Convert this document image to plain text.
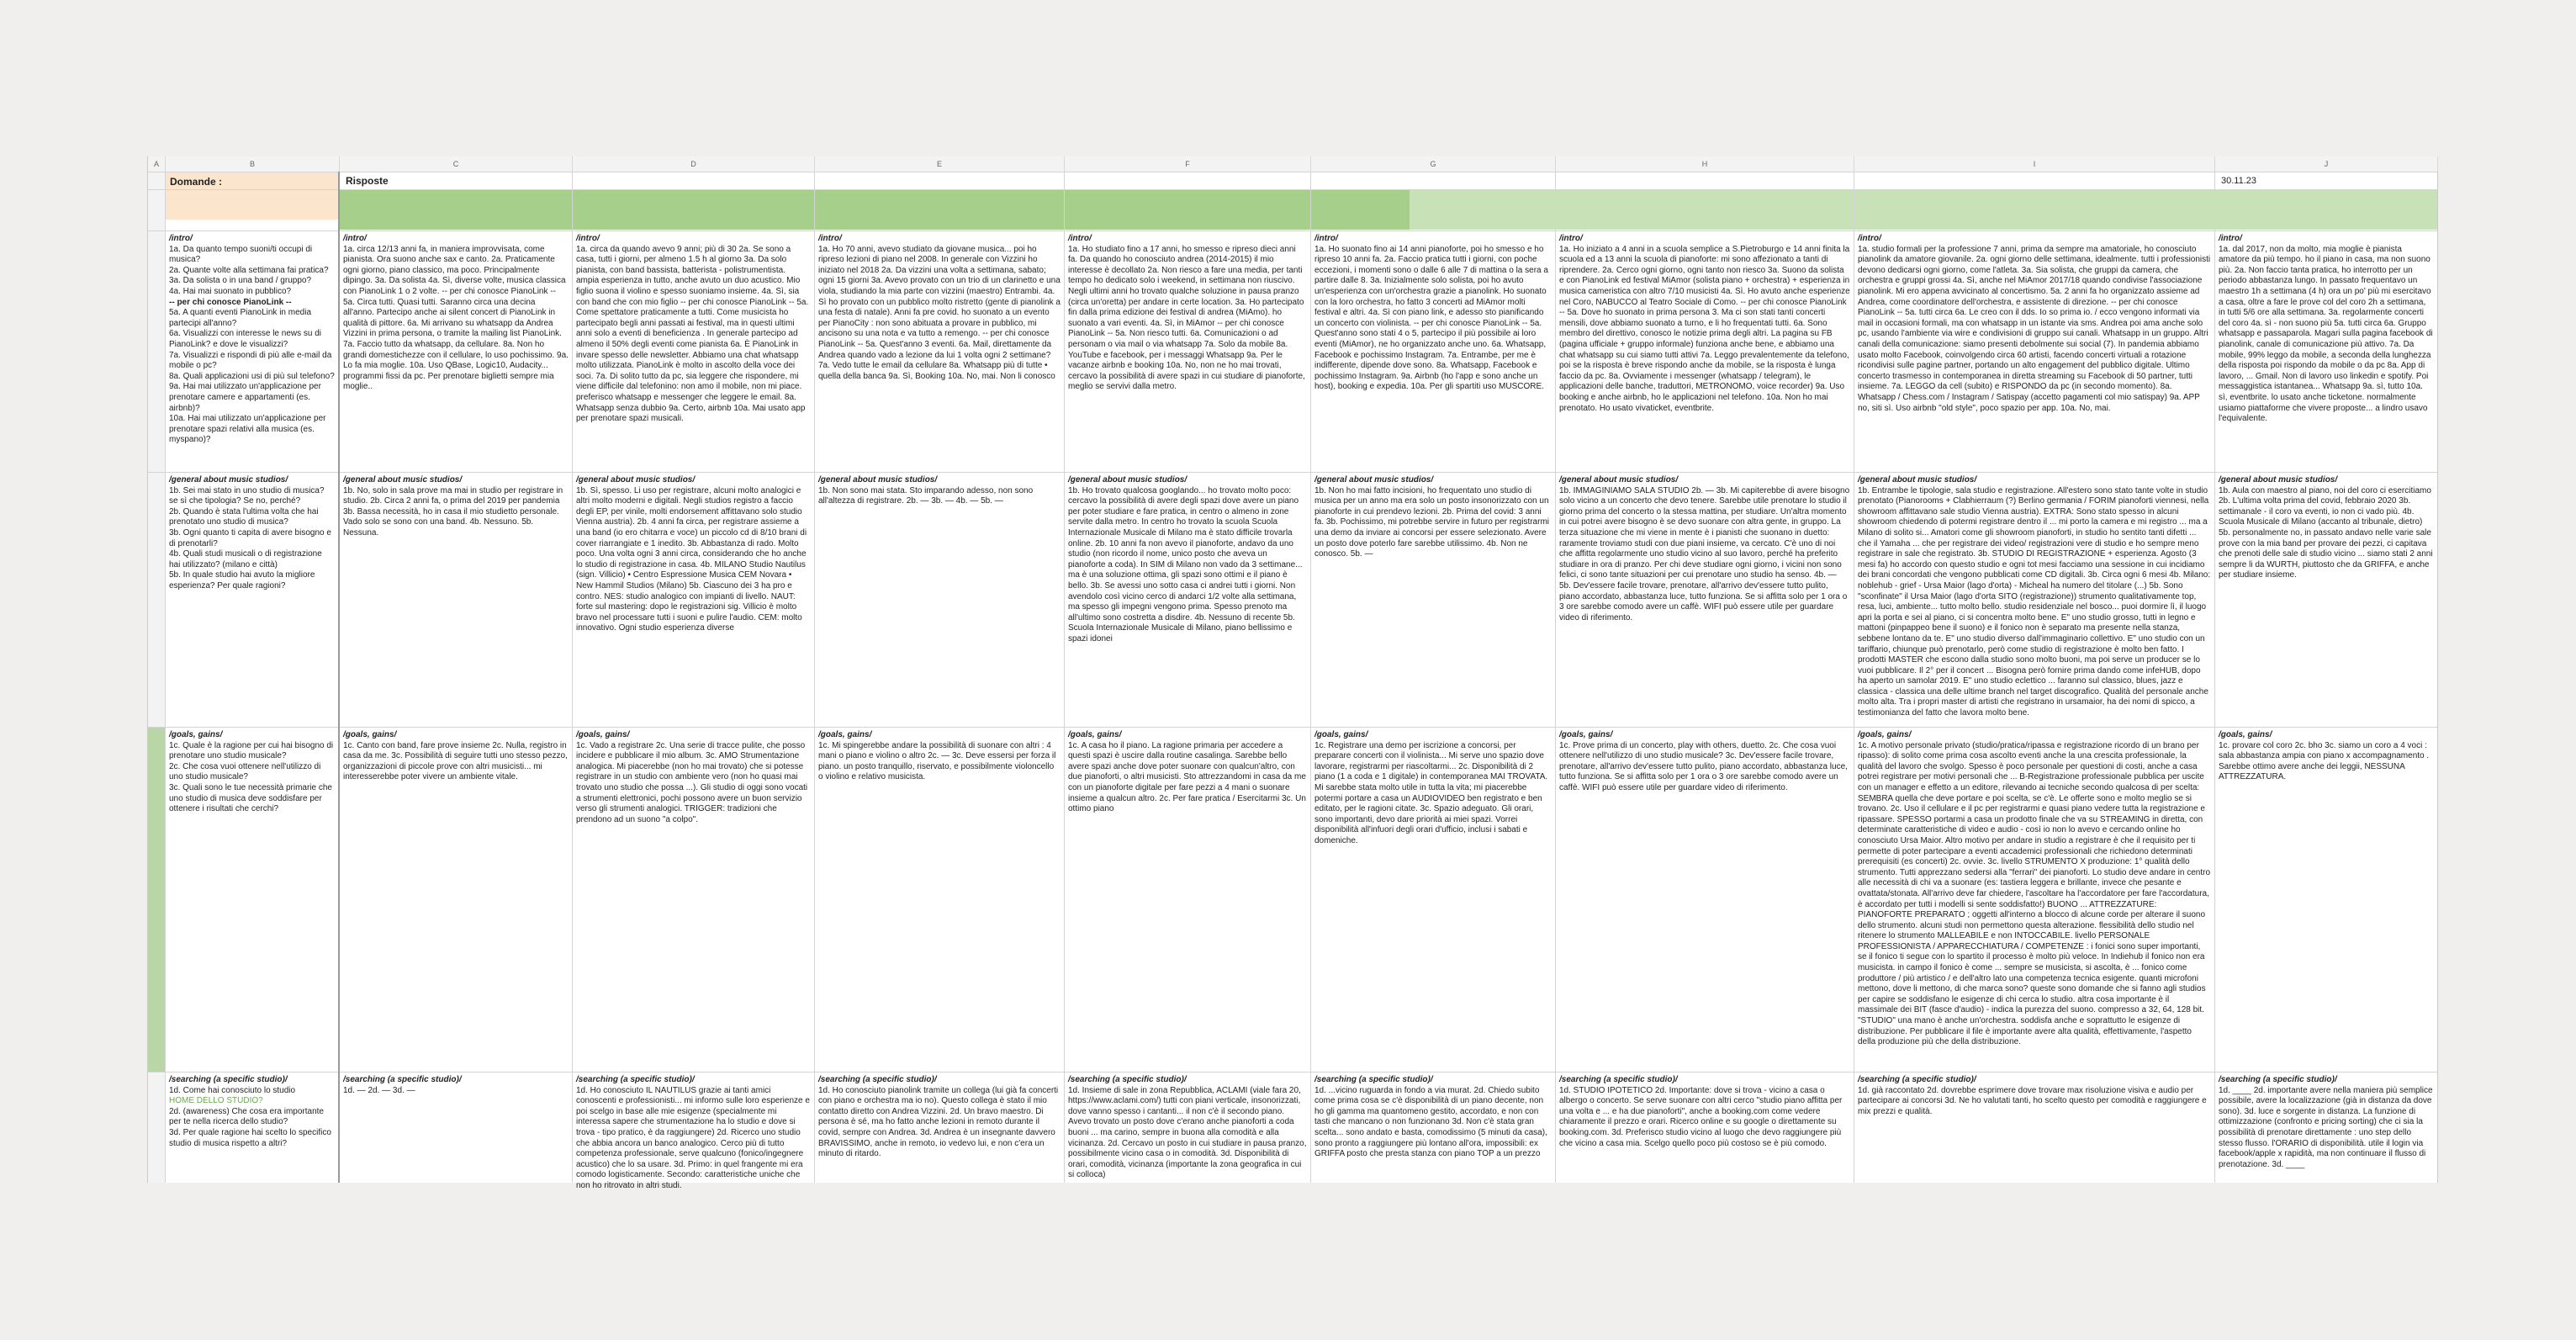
A	B	C	D	E	F	G	H	I	J
Domande :	Risposte	30.11.23
/intro/
1a. Da quanto tempo suoni/ti occupi di musica?
2a. Quante volte alla settimana fai pratica?
3a. Da solista o in una band / gruppo?
4a. Hai mai suonato in pubblico?
-- per chi conosce PianoLink --
5a. A quanti eventi PianoLink in media partecipi all'anno?
6a. Visualizzi con interesse le news su di PianoLink? e dove le visualizzi?
7a. Visualizzi e rispondi di più alle e-mail da mobile o pc?
8a. Quali applicazioni usi di più sul telefono?
9a. Hai mai utilizzato un'applicazione per prenotare camere e appartamenti (es. airbnb)?
10a. Hai mai utilizzato un'applicazione per prenotare spazi relativi alla musica (es. myspano)?
/general about music studios/
1b. Sei mai stato in uno studio di musica? se sì che tipologia? Se no, perché?
2b. Quando è stata l'ultima volta che hai prenotato uno studio di musica?
3b. Ogni quanto ti capita di avere bisogno e di prenotarli?
4b. Quali studi musicali o di registrazione hai utilizzato? (milano e città)
5b. In quale studio hai avuto la migliore esperienza? Per quale ragioni?
/goals, gains/
1c. Quale è la ragione per cui hai bisogno di prenotare uno studio musicale?
2c. Che cosa vuoi ottenere nell'utilizzo di uno studio musicale?
3c. Quali sono le tue necessità primarie che uno studio di musica deve soddisfare per ottenere i risultati che cerchi?
/searching (a specific studio)/
1d. Come hai conosciuto lo studio
HOME DELLO STUDIO?
2d. (awareness) Che cosa era importante per te nella ricerca dello studio?
3d. Per quale ragione hai scelto lo specifico studio di musica rispetto a altri?
/intro/
1a. circa 12/13 anni fa, in maniera improvvisata, come pianista. Ora suono anche sax e canto. 2a. Praticamente ogni giorno, piano classico, ma poco. Principalmente dipingo. 3a. Da solista 4a. Sì, diverse volte, musica classica con PianoLink 1 o 2 volte. -- per chi conosce PianoLink -- 5a. Circa tutti. Quasi tutti. Saranno circa una decina all'anno. Partecipo anche ai silent concert di PianoLink in qualità di pittore. 6a. Mi arrivano su whatsapp da Andrea Vizzini in prima persona, o tramite la mailing list PianoLink. 7a. Faccio tutto da whatsapp, da cellulare. 8a. Non ho grandi domestichezze con il cellulare, lo uso pochissimo. 9a. Lo fa mia moglie. 10a. Uso QBase, Logic10, Audacity... programmi fissi da pc. Per prenotare biglietti sempre mia moglie..
/general about music studios/
1b. No, solo in sala prove ma mai in studio per registrare in studio. 2b. Circa 2 anni fa, o prima del 2019 per pandemia 3b. Bassa necessità, ho in casa il mio studietto personale. Vado solo se sono con una band. 4b. Nessuno. 5b. Nessuna.
/goals, gains/
1c. Canto con band, fare prove insieme 2c. Nulla, registro in casa da me. 3c. Possibilità di seguire tutti uno stesso pezzo, organizzazioni di piccole prove con altri musicisti... mi interesserebbe poter vivere un ambiente vitale.
/searching (a specific studio)/
1d. — 2d. — 3d. —
/intro/
1a. circa da quando avevo 9 anni; più di 30 2a. Se sono a casa, tutti i giorni, per almeno 1.5 h al giorno 3a. Da solo pianista, con band bassista, batterista - polistrumentista. ampia esperienza in tutto, anche avuto un duo acustico. Mio figlio suona il violino e spesso suoniamo insieme. 4a. Sì, sia con band che con mio figlio -- per chi conosce PianoLink -- 5a. Come spettatore praticamente a tutti. Come musicista ho partecipato begli anni passati ai festival, ma in questi ultimi anni solo a eventi di beneficienza . In generale partecipo ad almeno il 50% degli eventi come pianista 6a. È PianoLink in invare spesso delle newsletter. Abbiamo una chat whatsapp molto utilizzata. PianoLink è molto in ascolto della voce dei soci. 7a. Di solito tutto da pc, sia leggere che rispondere, mi viene difficile dal telefonino: non amo il mobile, non mi piace. preferisco whatsapp e messenger che leggere le email. 8a. Whatsapp senza dubbio 9a. Certo, airbnb 10a. Mai usato app per prenotare spazi musicali.
/general about music studios/
1b. Sì, spesso. Li uso per registrare, alcuni molto analogici e altri molto moderni e digitali. Negli studios registro a faccio degli EP, per vinile, molti endorsement affittavano solo studio Vienna austria). 2b. 4 anni fa circa, per registrare assieme a una band (io ero chitarra e voce) un piccolo cd di 8/10 brani di cover riarrangiate e 1 inedito. 3b. Abbastanza di rado. Molto poco. Una volta ogni 3 anni circa, considerando che ho anche lo studio di registrazione in casa. 4b. MILANO Studio Nautilus (sign. Villicio) • Centro Espressione Musica CEM Novara • New Hammil Studios (Milano) 5b. Ciascuno dei 3 ha pro e contro. NES: studio analogico con impianti di livello. NAUT: forte sul mastering: dopo le registrazioni sig. Villicio è molto bravo nel processare tutti i suoni e pulire l'audio. CEM: molto innovativo. Ogni studio esperienza diverse
/goals, gains/
1c. Vado a registrare 2c. Una serie di tracce pulite, che posso incidere e pubblicare il mio album. 3c. AMO Strumentazione analogica. Mi piacerebbe (non ho mai trovato) che si potesse registrare in un studio con ambiente vero (non ho quasi mai trovato uno studio che possa ...). Gli studio di oggi sono vocati a strumenti elettronici, pochi possono avere un buon servizio verso gli strumenti analogici. TRIGGER: tradizioni che prendono ad un suono "a colpo".
/searching (a specific studio)/
1d. Ho conosciuto IL NAUTILUS grazie ai tanti amici conoscenti e professionisti... mi informo sulle loro esperienze e poi scelgo in base alle mie esigenze (specialmente mi interessa sapere che strumentazione ha lo studio e dove si trova - tipo pratico, è da raggiungere) 2d. Ricerco uno studio che abbia ancora un banco analogico. Cerco più di tutto competenza professionale, serve qualcuno (fonico/ingegnere acustico) che lo sa usare. 3d. Primo: in quel frangente mi era comodo logisticamente. Secondo: caratteristiche uniche che non ho ritrovato in altri studi.
/intro/
1a. Ho 70 anni, avevo studiato da giovane musica... poi ho ripreso lezioni di piano nel 2008. In generale con Vizzini ho iniziato nel 2018 2a. Da vizzini una volta a settimana, sabato; ogni 15 giorni 3a. Avevo provato con un trio di un clarinetto e una viola, studiando la mia parte con vizzini (maestro) Entrambi. 4a. Sì ho provato con un pubblico molto ristretto (gente di pianolink a una festa di natale). Anni fa pre covid. ho suonato a un evento per PianoCity : non sono abituata a provare in pubblico, mi ancisono su una nota e va tutto a remengo. -- per chi conosce PianoLink -- 5a. Quest'anno 3 eventi. 6a. Mail, direttamente da Andrea quando vado a lezione da lui 1 volta ogni 2 settimane? 7a. Vedo tutte le email da cellulare 8a. Whatsapp più di tutte • quella della banca 9a. Sì, Booking 10a. No, mai. Non li conosco
/general about music studios/
1b. Non sono mai stata. Sto imparando adesso, non sono all'altezza di registrare. 2b. — 3b. — 4b. — 5b. —
/goals, gains/
1c. Mi spingerebbe andare la possibilità di suonare con altri : 4 mani o piano e violino o altro 2c. — 3c. Deve essersi per forza il piano. un posto tranquillo, riservato, e possibilmente violoncello o violino e relativo musicista.
/searching (a specific studio)/
1d. Ho conosciuto pianolink tramite un collega (lui già fa concerti con piano e orchestra ma io no). Questo collega è stato il mio contatto diretto con Andrea Vizzini. 2d. Un bravo maestro. Di persona è sé, ma ho fatto anche lezioni in remoto durante il covid, sempre con Andrea. 3d. Andrea è un insegnante davvero BRAVISSIMO, anche in remoto, io vedevo lui, e non c'era un minuto di ritardo.
/intro/
1a. Ho studiato fino a 17 anni, ho smesso e ripreso dieci anni fa. Da quando ho conosciuto andrea (2014-2015) il mio interesse è decollato 2a. Non riesco a fare una media, per tanti tempo ho dedicato solo i weekend, in settimana non riuscivo. Negli ultimi anni ho trovato qualche soluzione in pausa pranzo (circa un'oretta) per andare in certe location. 3a. Ho partecipato fin dalla prima edizione dei festival di andrea (MiAmo). ho suonato a vari eventi. 4a. Sì, in MiAmor -- per chi conosce PianoLink -- 5a. Non riesco tutti. 6a. Comunicazioni o ad personam o via mail o via whatsapp 7a. Solo da mobile 8a. YouTube e facebook, per i messaggi Whatsapp 9a. Per le vacanze airbnb e booking 10a. No, non ne ho mai trovati, cercavo la possibilità di avere spazi in cui studiare di pianoforte, meglio se servivi dalla metro.
/general about music studios/
1b. Ho trovato qualcosa googlando... ho trovato molto poco: cercavo la possibilità di avere degli spazi dove avere un piano per poter studiare e fare pratica, in centro o almeno in zone servite dalla metro. In centro ho trovato la scuola Scuola Internazionale Musicale di Milano ma è stato difficile trovarla online. 2b. 10 anni fa non avevo il pianoforte, andavo da uno studio (non ricordo il nome, unico posto che aveva un pianoforte a coda). In SIM di Milano non vado da 3 settimane... ma è una soluzione ottima, gli spazi sono ottimi e il piano è bello. 3b. Se avessi uno sotto casa ci andrei tutti i giorni. Non avendolo così vicino cerco di andarci 1/2 volte alla settimana, ma spesso gli impegni vengono prima. Spesso prenoto ma all'ultimo sono costretta a disdire. 4b. Nessuno di recente 5b. Scuola Internazionale Musicale di Milano, piano bellissimo e spazi idonei
/goals, gains/
1c. A casa ho il piano. La ragione primaria per accedere a questi spazi è uscire dalla routine casalinga. Sarebbe bello avere spazi anche dove poter suonare con qualcun'altro, con due pianoforti, o altri musicisti. Sto attrezzandomi in casa da me con un pianoforte digitale per fare pezzi a 4 mani o suonare insieme a qualcun altro. 2c. Per fare pratica / Esercitarmi 3c. Un ottimo piano
/searching (a specific studio)/
1d. Insieme di sale in zona Repubblica, ACLAMI (viale fara 20, https://www.aclami.com/) tutti con piani verticale, insonorizzati, dove vanno spesso i cantanti... il non c'è il secondo piano. Avevo trovato un posto dove c'erano anche pianoforti a coda buoni ... ma carino, sempre in buona alla comodità e alla vicinanza. 2d. Cercavo un posto in cui studiare in pausa pranzo, possibilmente vicino casa o in comodità. 3d. Disponibilità di orari, comodità, vicinanza (importante la zona geografica in cui si colloca)
/intro/
1a. Ho suonato fino ai 14 anni pianoforte, poi ho smesso e ho ripreso 10 anni fa. 2a. Faccio pratica tutti i giorni, con poche eccezioni, i momenti sono o dalle 6 alle 7 di mattina o la sera a partire dalle 8. 3a. Inizialmente solo solista, poi ho avuto un'esperienza con un'orchestra grazie a pianolink. Ho suonato con la loro orchestra, ho fatto 3 concerti ad MiAmor molti festival e altri. 4a. Sì con piano link, e adesso sto pianificando un concerto con violinista. -- per chi conosce PianoLink -- 5a. Quest'anno sono stati 4 o 5, partecipo il più possibile ai loro eventi (MiAmor), ne ho organizzato anche uno. 6a. Whatsapp, Facebook e pochissimo Instagram. 7a. Entrambe, per me è indifferente, dipende dove sono. 8a. Whatsapp, Facebook e pochissimo Instagram. 9a. Airbnb (ho l'app e sono anche un host), booking e expedia. 10a. Per gli spartiti uso MUSCORE.
/general about music studios/
1b. Non ho mai fatto incisioni, ho frequentato uno studio di musica per un anno ma era solo un posto insonorizzato con un pianoforte in cui prendevo lezioni. 2b. Prima del covid: 3 anni fa. 3b. Pochissimo, mi potrebbe servire in futuro per registrarmi una demo da inviare ai concorsi per essere selezionato. Avere un posto dove poterlo fare sarebbe utilissimo. 4b. Non ne conosco. 5b. —
/goals, gains/
1c. Registrare una demo per iscrizione a concorsi, per preparare concerti con il violinista... Mi serve uno spazio dove lavorare, registrarmi per riascoltarmi... 2c. Disponibilità di 2 piano (1 a coda e 1 digitale) in contemporanea MAI TROVATA. Mi sarebbe stata molto utile in tutta la vita; mi piacerebbe potermi portare a casa un AUDIOVIDEO ben registrato e ben editato, per le ragioni citate. 3c. Spazio adeguato. Gli orari, sono importanti, devo dare priorità ai miei spazi. Vorrei disponibilità all'infuori degli orari d'ufficio, inclusi i sabati e domeniche.
/searching (a specific studio)/
1d. ...vicino ruguarda in fondo a via murat. 2d. Chiedo subito come prima cosa se c'è disponibilità di un piano decente, non ho gli gamma ma quantomeno gestito, accordato, e non con tasti che mancano o non funzionano 3d. Non c'è stata gran scelta... sono andato e basta, comodissimo (5 minuti da casa), sono pronto a raggiungere più lontano all'ora, impossibili: ex GRIFFA posto che presta stanza con piano TOP a un prezzo
/intro/
1a. Ho iniziato a 4 anni in a scuola semplice a S.Pietroburgo e 14 anni finita la scuola ed a 13 anni la scuola di pianoforte: mi sono affezionato a tanti di riprendere. 2a. Cerco ogni giorno, ogni tanto non riesco 3a. Suono da solista e con PianoLink ed festival MiAmor (solista piano + orchestra) + esperienza in musica cameristica con altro 7/10 musicisti 4a. Sì. Ho avuto anche esperienze nel Coro, NABUCCO al Teatro Sociale di Como. -- per chi conosce PianoLink -- 5a. Dove ho suonato in prima persona 3. Ma ci son stati tanti concerti mensili, dove abbiamo suonato a turno, e li ho frequentati tutti. 6a. Sono membro del direttivo, conosco le notizie prima degli altri. La pagina su FB (pagina ufficiale + gruppo informale) funziona anche bene, e abbiamo una chat whatsapp su cui siamo tutti attivi 7a. Leggo prevalentemente da telefono, poi se la risposta è breve rispondo anche da mobile, se la risposta è lunga faccio da pc. 8a. Ovviamente i messenger (whatsapp / telegram), le applicazioni delle banche, traduttori, METRONOMO, voice recorder) 9a. Uso booking e anche airbnb, ho le applicazioni nel telefono. 10a. Non ho mai prenotato. Ho usato vivaticket, eventbrite.
/general about music studios/
1b. IMMAGINIAMO SALA STUDIO 2b. — 3b. Mi capiterebbe di avere bisogno solo vicino a un concerto che devo tenere. Sarebbe utile prenotare lo studio il giorno prima del concerto o la stessa mattina, per studiare. Un'altra momento in cui potrei avere bisogno è se devo suonare con altra gente, in gruppo. La terza situazione che mi viene in mente è i pianisti che suonano in duetto: raramente troviamo studi con due piani insieme, va cercato. C'è uno di noi che affitta regolarmente uno studio vicino al suo lavoro, perché ha preferito studiare in ora di pranzo. Per chi deve studiare ogni giorno, i vicini non sono felici, ci sono tante situazioni per cui prenotare uno studio ha senso. 4b. — 5b. Dev'essere facile trovare, prenotare, all'arrivo dev'essere tutto pulito, piano accordato, abbastanza luce, tutto funziona. Se si affitta solo per 1 ora o 3 ore sarebbe comodo avere un caffè. WIFI può essere utile per guardare video di riferimento.
/goals, gains/
1c. Prove prima di un concerto, play with others, duetto. 2c. Che cosa vuoi ottenere nell'utilizzo di uno studio musicale? 3c. Dev'essere facile trovare, prenotare, all'arrivo dev'essere tutto pulito, piano accordato, abbastanza luce, tutto funziona. Se si affitta solo per 1 ora o 3 ore sarebbe comodo avere un caffè. WIFI può essere utile per guardare video di riferimento.
/searching (a specific studio)/
1d. STUDIO IPOTETICO 2d. Importante: dove si trova - vicino a casa o albergo o concerto. Se serve suonare con altri cerco "studio piano affitta per una volta e ... e ha due pianoforti", anche a booking.com come vedere chiaramente il prezzo e orari. Ricerco online e su google o direttamente su booking.com. 3d. Preferisco studio vicino al luogo che devo raggiungere più che vicino a casa mia. Scelgo quello poco più costoso se è più comodo.
/intro/
1a. studio formali per la professione 7 anni, prima da sempre ma amatoriale, ho conosciuto pianolink da amatore giovanile. 2a. ogni giorno delle settimana, idealmente. tutti i professionisti devono dedicarsi ogni giorno, come l'atleta. 3a. Sia solista, che gruppi da camera, che orchestra e gruppi grossi 4a. Sì, anche nel MiAmor 2017/18 quando condivise l'associazione pianolink. Mi ero appena avvicinato al concertismo. 5a. 2 anni fa ho organizzato assieme ad Andrea, come coordinatore dell'orchestra, e assistente di direzione. -- per chi conosce PianoLink -- 5a. tutti circa 6a. Le creo con il dds. Io so prima io. / ecco vengono informati via mail in occasioni formali, ma con whatsapp in un istante via sms. Andrea poi ama anche solo pc, usando l'ambiente via wire e condivisioni di gruppo sui canali. Whatsapp in un gruppo. Altri canali della comunicazione: siamo presenti debolmente sui social (7). In pandemia abbiamo usato molto Facebook, coinvolgendo circa 60 artisti, facendo concerti virtuali a rotazione ricondivisi sulle pagine partner, portando un alto engagement del pubblico digitale. Ultimo concerto trasmesso in contemporanea in diretta streaming su Facebook di 50 partner, tutti insieme. 7a. LEGGO da cell (subito) e RISPONDO da pc (in secondo momento). 8a. Whatsapp / Chess.com / Instagram / Satispay (accetto pagamenti col mio satispay) 9a. APP no, siti sì. Uso airbnb "old style", poco spazio per app. 10a. No, mai.
/general about music studios/
1b. Entrambe le tipologie, sala studio e registrazione. All'estero sono stato tante volte in studio prenotato (Pianorooms + Clabhierraum (?) Berlino germania / FORIM pianoforti viennesi, nella showroom affittavano sale studio Vienna austria). EXTRA: Sono stato spesso in alcuni showroom chiedendo di potermi registrare dentro il ... mi porto la camera e mi registro ... ma a Milano di solito si... Amatori come gli showroom pianoforti, in studio ho sentito tanti difetti ... che il Yamaha ... che per registrare dei video/ registrazioni vere di studio e ho sempre meno registrare in sale che registrato. 3b. STUDIO DI REGISTRAZIONE + esperienza. Agosto (3 mesi fa) ho accordo con questo studio e ogni tot mesi facciamo una sessione in cui incidiamo dei brani concordati che vengono pubblicati come CD digitali. 3b. Circa ogni 6 mesi 4b. Milano: noblehub - grief - Ursa Maior (lago d'orta) - Micheal ha numero del titolare (...) 5b. Sono "sconfinate" il Ursa Maior (lago d'orta SITO (registrazione)) strumento qualitativamente top, resa, luci, ambiente... tutto molto bello. studio residenziale nel bosco... puoi dormire lì, il luogo apri la porta e sei al piano, ci si concentra molto bene. E" uno studio grosso, tutti in legno e mattoni (pinpappeo bene il suono) e il fonico non è separato ma presente nella stanza, sebbene lontano da te. E" uno studio diverso dall'immaginario collettivo. E" uno studio con un tariffario, chiunque può prenotarlo, però come studio di registrazione è molto ben fatto. I prodotti MASTER che escono dalla studio sono molto buoni, ma poi serve un producer se lo vuoi pubblicare. Il 2° per il concert ... Bisogna però fornire prima dando come infeHUB, dopo ha aperto un samolar 2019. E" uno studio eclettico ... faranno sul classico, blues, jazz e classica - classica una delle ultime branch nel target discografico. Qualità del personale anche molto alta. Tra i propri master di artisti che registrano in ursamaior, ha dei nomi di spicco, a testimonianza del fatto che lavora molto bene.
/goals, gains/
1c. A motivo personale privato (studio/pratica/ripassa e registrazione ricordo di un brano per ripasso): di solito come prima cosa ascolto eventi anche la una crescita professionale, la qualità del lavoro che svolgo. Spesso è poco personale per questioni di costi, anche a casa potrei registrare per motivi personali che ... B-Registrazione professionale pubblica per uscite con un manager e effetto a un editore, rilevando ai tecniche secondo qualcosa di per scelta: SEMBRA quella che deve portare e poi scelta, se c'è. Le offerte sono e molto meglio se si trovano. 2c. Uso il cellulare e il pc per registrarmi e quasi piano vedere tutta la registrazione e ripassare. SPESSO portarmi a casa un prodotto finale che va su STREAMING in diretta, con determinate caratteristiche di video e audio - così io non lo avevo e cercando online ho conosciuto Ursa Maior. Altro motivo per andare in studio a registrare è che il requisito per ti permette di poter partecipare a eventi accademici professionali che richiedono determinati prerequisiti (es concerti) 2c. ovvie. 3c. livello STRUMENTO X produzione: 1° qualità dello strumento. Tutti apprezzano sedersi alla "ferrari" dei pianoforti. Lo studio deve andare in centro alle necessità di chi va a suonare (es: tastiera leggera e brillante, invece che pesante e ovattata/stonata. All'arrivo deve far chiedere, l'ascoltare ha l'accordatore per fare l'accordatura, è accordato per tutti i modelli si sente soddisfatto!) BUONO ... ATTREZZATURE: PIANOFORTE PREPARATO ; oggetti all'interno a blocco di alcune corde per alterare il suono dello strumento. alcuni studi non permettono questa alterazione. flessibilità dello studio nel ritenere lo strumento MALLEABILE e non INTOCCABILE. livello PERSONALE PROFESSIONISTA / APPARECCHIATURA / COMPETENZE : i fonici sono super importanti, se il fonico ti segue con lo spartito il processo è molto più veloce. In Indiehub il fonico non era musicista. in campo il fonico è come ... sempre se musicista, si ascolta, è ... fonico come produttore / più artistico / e dell'altro lato una competenza tecnica esigente. quanti microfoni mettono, dove li mettono, di che marca sono? queste sono domande che si fanno agli studios per capire se soddisfano le esigenze di chi cerca lo studio. altra cosa importante è il massimale dei BIT (fasce d'audio) - indica la purezza del suono. compresso a 32, 64, 128 bit. "STUDIO" una mano è anche un'orchestra. soddisfa anche e soprattutto le esigenze di distribuzione. Per pubblicare il file è importante avere alta qualità, effettivamente, l'aspetto della produzione più che della distribuzione.
/searching (a specific studio)/
1d. già raccontato 2d. dovrebbe esprimere dove trovare max risoluzione visiva e audio per partecipare ai concorsi 3d. Ne ho valutati tanti, ho scelto questo per comodità e raggiungere e mix prezzi e qualità.
/intro/
1a. dal 2017, non da molto, mia moglie è pianista amatore da più tempo. ho il piano in casa, ma non suono più. 2a. Non faccio tanta pratica, ho interrotto per un periodo abbastanza lungo. In passato frequentavo un maestro 1h a settimana (4 h) ora un po' più mi esercitavo a casa, oltre a fare le prove col del coro 2h a settimana, in tutti 5/6 ore alla settimana. 3a. regolarmente concerti del coro 4a. sì - non suono più 5a. tutti circa 6a. Gruppo whatsapp e passaparola. Magari sulla pagina facebook di pianolink, canale di comunicazione più attivo. 7a. Da mobile, 99% leggo da mobile, a seconda della lunghezza della risposta poi rispondo da mobile o da pc 8a. App di lavoro, ... Gmail. Non di lavoro uso linkedin e spotify. Poi messaggistica istantanea... Whatsapp 9a. sì, tutto 10a. sì, eventbrite. lo usato anche ticketone. normalmente usiamo piattaforme che vivere proposte... a lindro usavo l'equivalente.
/general about music studios/
1b. Aula con maestro al piano, noi del coro ci esercitiamo 2b. L'ultima volta prima del covid, febbraio 2020 3b. settimanale - il coro va eventi, io non ci vado più. 4b. Scuola Musicale di Milano (accanto al tribunale, dietro) 5b. personalmente no, in passato andavo nelle varie sale prove con la mia band per provare dei pezzi, ci capitava che prenoti delle sale di studio vicino ... siamo stati 2 anni sempre li da WURTH, piuttosto che da GRIFFA, e anche per studiare insieme.
/goals, gains/
1c. provare col coro 2c. bho 3c. siamo un coro a 4 voci : sala abbastanza ampia con piano x accompagnamento . Sarebbe ottimo avere anche dei leggii, NESSUNA ATTREZZATURA.
/searching (a specific studio)/
1d. ____ 2d. importante avere nella maniera più semplice possibile, avere la localizzazione (già in distanza da dove sono). 3d. luce e sorgente in distanza. La funzione di ottimizzazione (confronto e pricing sorting) che ci sia la possibilità di prenotare direttamente : uno step dello stesso flusso. l'ORARIO di disponibilità. utile il login via facebook/apple x rapidità, ma non continuare il flusso di prenotazione. 3d. ____
